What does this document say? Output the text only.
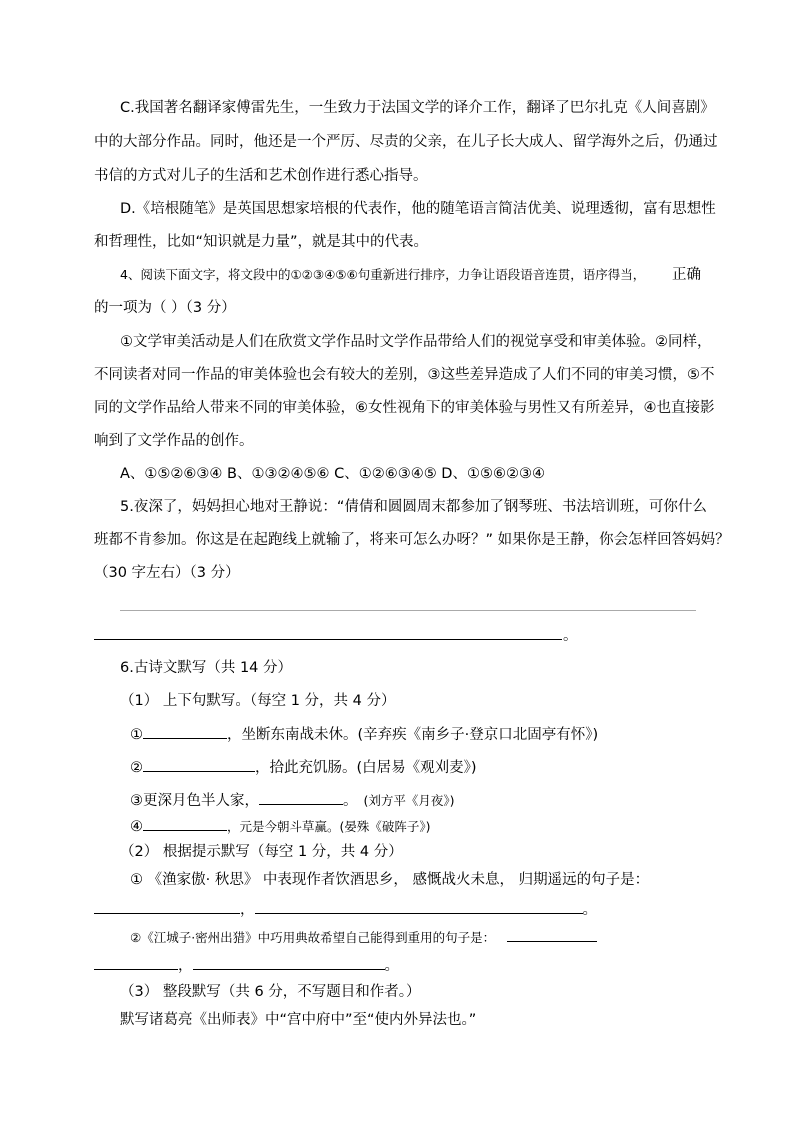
C.我国著名翻译家傅雷先生，一生致力于法国文学的译介工作，翻译了巴尔扎克《人间喜剧》
中的大部分作品。同时，他还是一个严厉、尽责的父亲，在儿子长大成人、留学海外之后，仍通过
书信的方式对儿子的生活和艺术创作进行悉心指导。
D.《培根随笔》是英国思想家培根的代表作，他的随笔语言简洁优美、说理透彻，富有思想性
和哲理性，比如“知识就是力量”，就是其中的代表。
4、阅读下面文字，将文段中的①②③④⑤⑥句重新进行排序，力争让语段语音连贯，语序得当， 正确
的一项为（ ）（3 分）
①文学审美活动是人们在欣赏文学作品时文学作品带给人们的视觉享受和审美体验。②同样，
不同读者对同一作品的审美体验也会有较大的差别，③这些差异造成了人们不同的审美习惯，⑤不
同的文学作品给人带来不同的审美体验，⑥女性视角下的审美体验与男性又有所差异，④也直接影
响到了文学作品的创作。
A、①⑤②⑥③④ B、①③②④⑤⑥ C、①②⑥③④⑤ D、①⑤⑥②③④
5.夜深了，妈妈担心地对王静说：“倩倩和圆圆周末都参加了钢琴班、书法培训班，可你什么
班都不肯参加。你这是在起跑线上就输了，将来可怎么办呀？” 如果你是王静，你会怎样回答妈妈？
（30 字左右）（3 分）
。
6.古诗文默写（共 14 分）
（1） 上下句默写。（每空 1 分，共 4 分）
①	，坐断东南战未休。(辛弃疾《南乡子·登京口北固亭有怀》)
②	，拾此充饥肠。(白居易《观刈麦》)
③更深月色半人家，	。 (刘方平《月夜》)
④	，元是今朝斗草赢。(晏殊《破阵子》)
（2） 根据提示默写（每空 1 分，共 4 分）
① 《渔家傲· 秋思》 中表现作者饮酒思乡， 感慨战火未息， 归期遥远的句子是：
，	。
②《江城子·密州出猎》中巧用典故希望自己能得到重用的句子是：
，	。
（3） 整段默写（共 6 分，不写题目和作者。）
默写诸葛亮《出师表》中“宫中府中”至“使内外异法也。”
